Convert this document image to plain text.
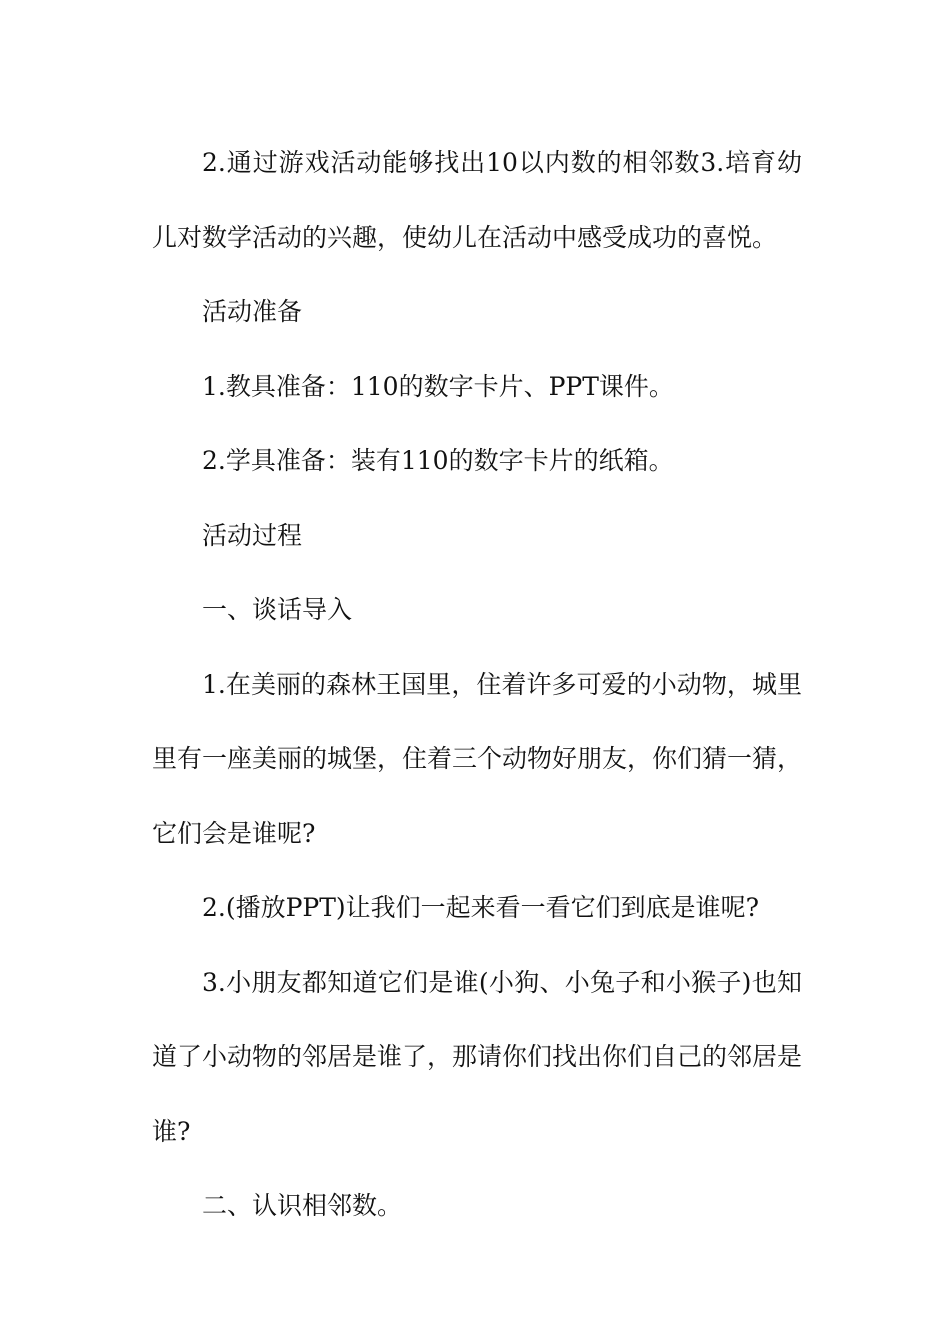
2.通过游戏活动能够找出10以内数的相邻数3.培育幼儿对数学活动的兴趣，使幼儿在活动中感受成功的喜悦。

活动准备

1.教具准备：110的数字卡片、PPT课件。

2.学具准备：装有110的数字卡片的纸箱。

活动过程

一、谈话导入

1.在美丽的森林王国里，住着许多可爱的小动物，城里里有一座美丽的城堡，住着三个动物好朋友，你们猜一猜，它们会是谁呢?

2.(播放PPT)让我们一起来看一看它们到底是谁呢?

3.小朋友都知道它们是谁(小狗、小兔子和小猴子)也知道了小动物的邻居是谁了，那请你们找出你们自己的邻居是谁?

二、认识相邻数。
